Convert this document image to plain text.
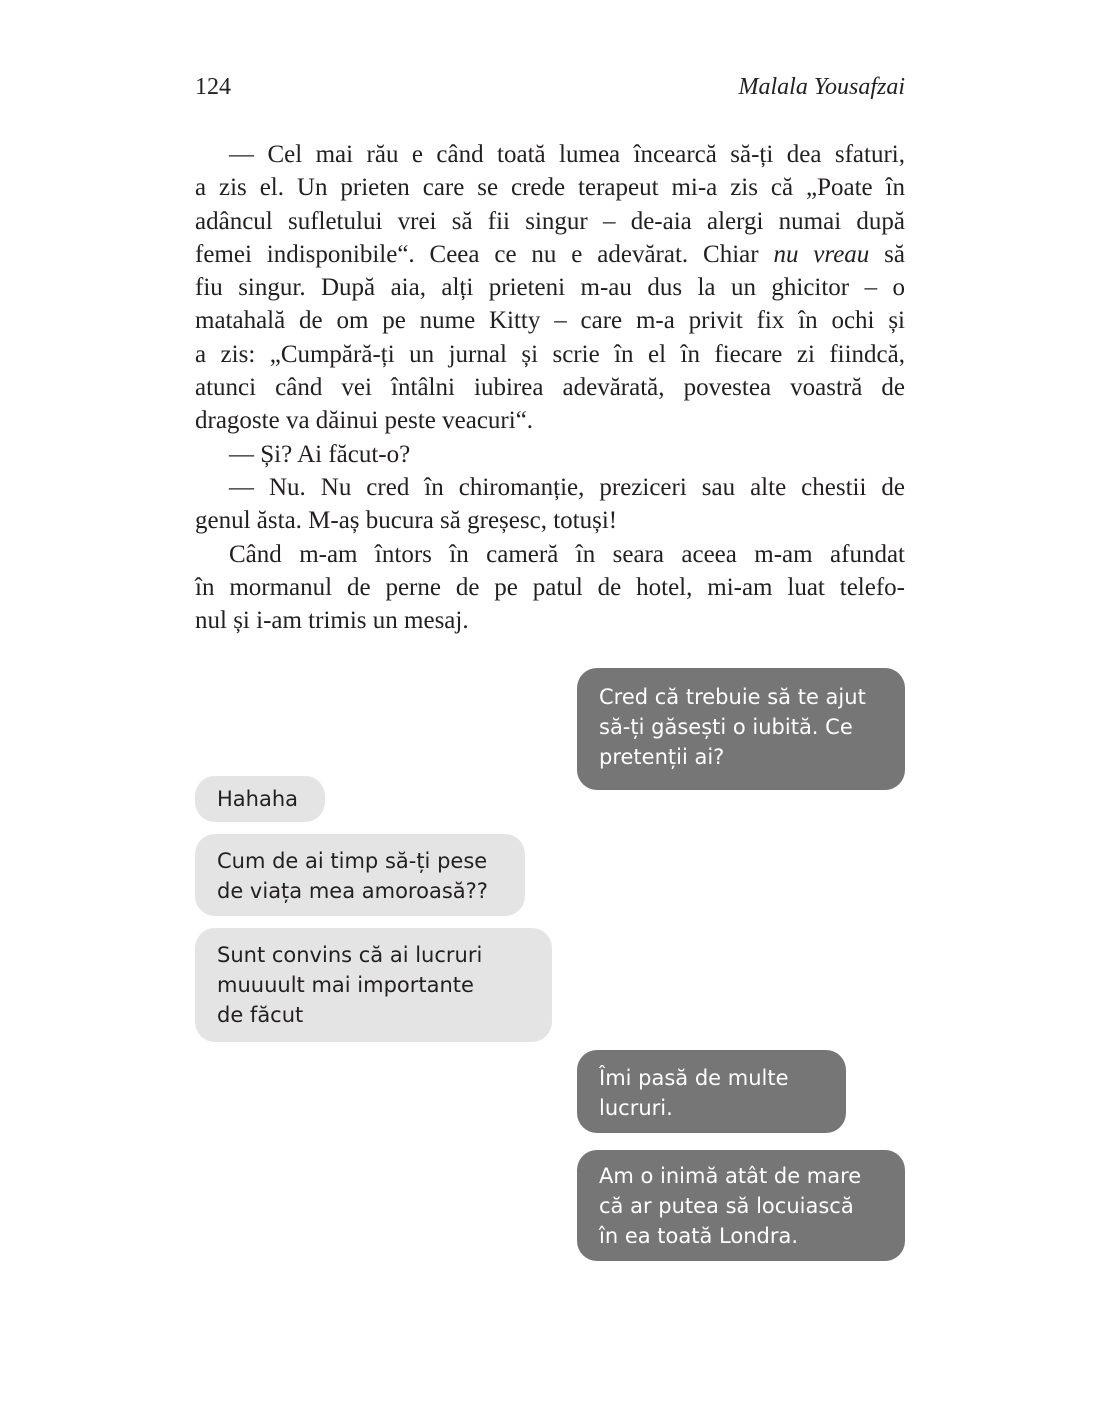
124	Malala Yousafzai
— Cel mai rău e când toată lumea încearcă să-ți dea sfaturi,
a zis el. Un prieten care se crede terapeut mi-a zis că „Poate în
adâncul sufletului vrei să fii singur – de-aia alergi numai după
femei indisponibile“. Ceea ce nu e adevărat. Chiar nu vreau să
fiu singur. După aia, alți prieteni m-au dus la un ghicitor – o
matahală de om pe nume Kitty – care m-a privit fix în ochi și
a zis: „Cumpără-ți un jurnal și scrie în el în fiecare zi fiindcă,
atunci când vei întâlni iubirea adevărată, povestea voastră de
dragoste va dăinui peste veacuri“.
— Și? Ai făcut-o?
— Nu. Nu cred în chiromanție, preziceri sau alte chestii de
genul ăsta. M-aș bucura să greșesc, totuși!
Când m-am întors în cameră în seara aceea m-am afundat
în mormanul de perne de pe patul de hotel, mi-am luat telefo-
nul și i-am trimis un mesaj.
Cred că trebuie să te ajut
să-ți găsești o iubită. Ce
pretenții ai?
Hahaha
Cum de ai timp să-ți pese
de viața mea amoroasă??
Sunt convins că ai lucruri
muuuult mai importante
de făcut
Îmi pasă de multe
lucruri.
Am o inimă atât de mare
că ar putea să locuiască
în ea toată Londra.
